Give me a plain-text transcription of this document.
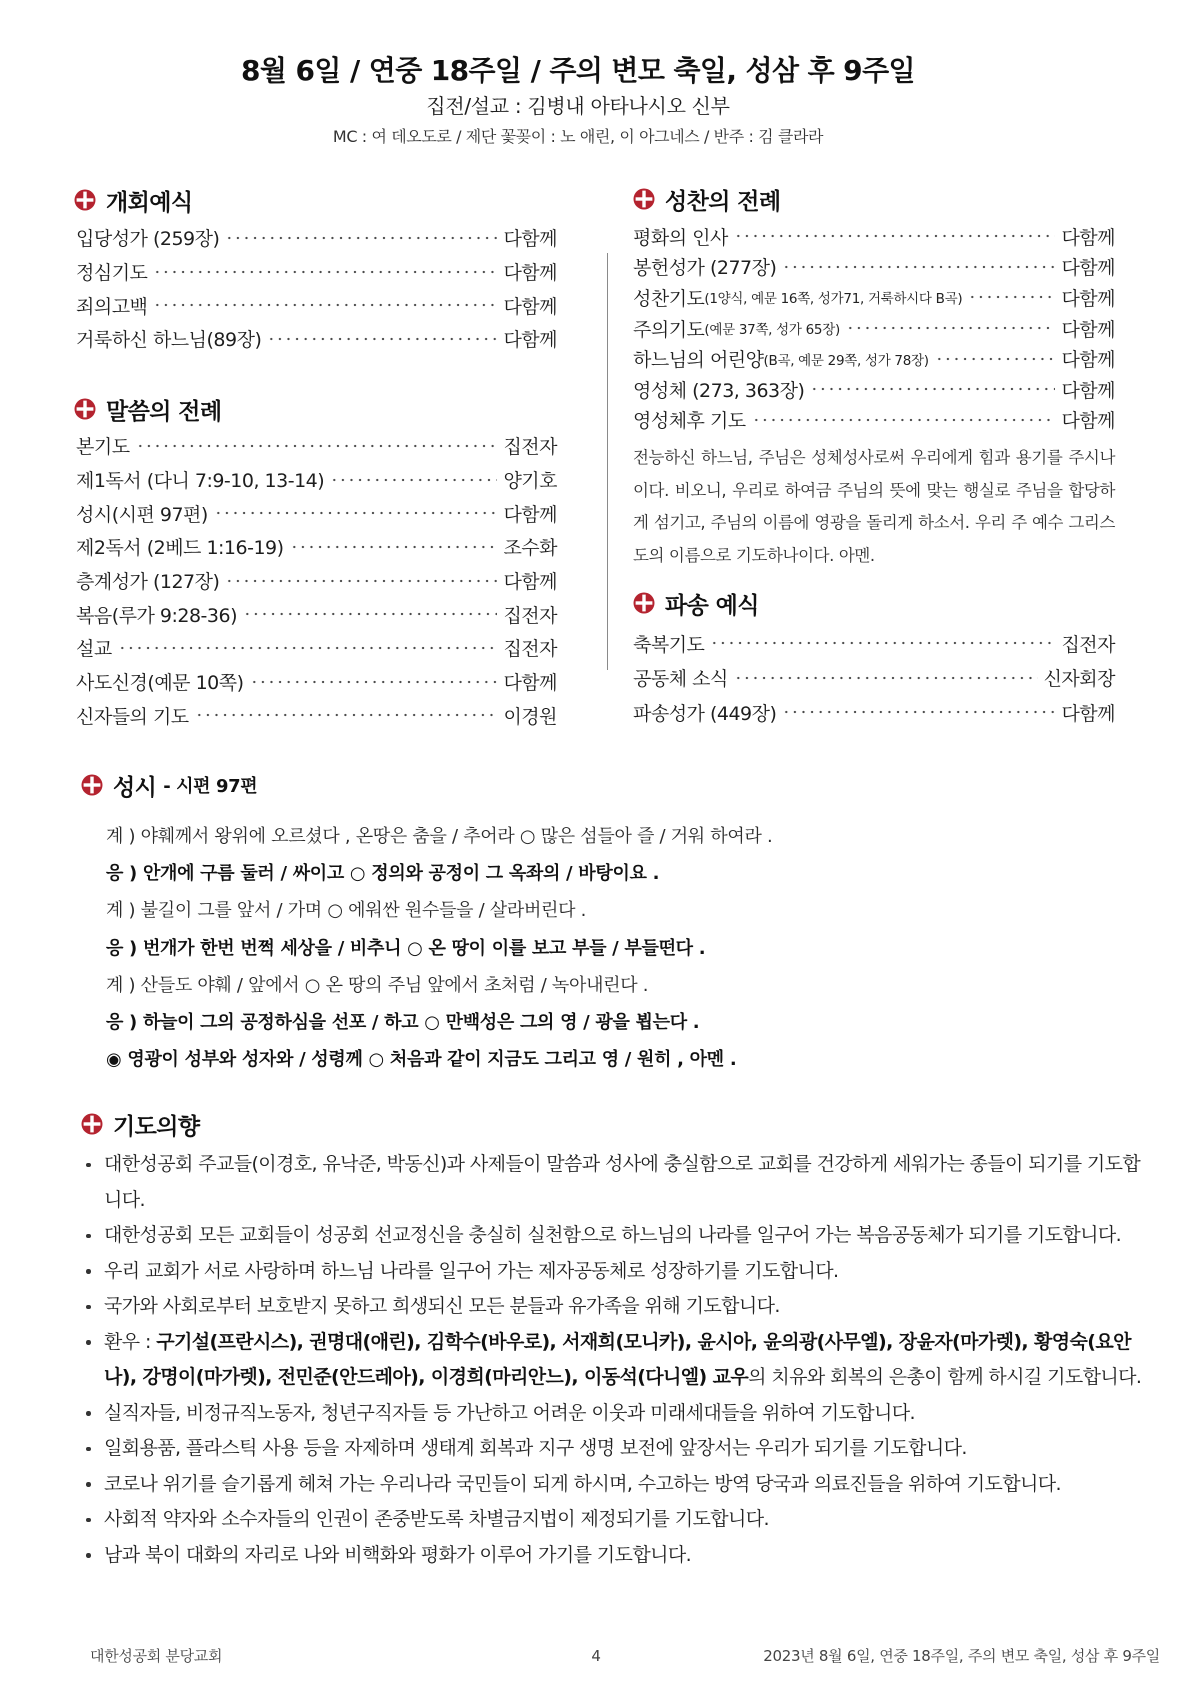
8월 6일 / 연중 18주일 / 주의 변모 축일, 성삼 후 9주일
집전/설교 : 김병내 아타나시오 신부
MC : 여 데오도로 / 제단 꽃꽂이 : 노 애린, 이 아그네스 / 반주 : 김 클라라
개회예식
입당성가 (259장)	다함께
정심기도	다함께
죄의고백	다함께
거룩하신 하느님(89장)	다함께
말씀의 전례
본기도	집전자
제1독서 (다니 7:9-10, 13-14)	양기호
성시(시편 97편)	다함께
제2독서 (2베드 1:16-19)	조수화
층계성가 (127장)	다함께
복음(루가 9:28-36)	집전자
설교	집전자
사도신경(예문 10쪽)	다함께
신자들의 기도	이경원
성찬의 전례
평화의 인사	다함께
봉헌성가 (277장)	다함께
성찬기도 (1양식, 예문 16쪽, 성가71, 거룩하시다 B곡)	다함께
주의기도 (예문 37쪽, 성가 65장)	다함께
하느님의 어린양 (B곡, 예문 29쪽, 성가 78장)	다함께
영성체 (273, 363장)	다함께
영성체후 기도	다함께

전능하신 하느님, 주님은 성체성사로써 우리에게 힘과 용기를 주시나이다. 비오니, 우리로 하여금 주님의 뜻에 맞는 행실로 주님을 합당하게 섬기고, 주님의 이름에 영광을 돌리게 하소서. 우리 주 예수 그리스도의 이름으로 기도하나이다. 아멘.

파송 예식
축복기도	집전자
공동체 소식	신자회장
파송성가 (449장)	다함께
성시 - 시편 97편
계 ) 야훼께서 왕위에 오르셨다 , 온땅은 춤을 / 추어라 ○ 많은 섬들아 즐 / 거워 하여라 .
응 ) 안개에 구름 둘러 / 싸이고 ○ 정의와 공정이 그 옥좌의 / 바탕이요 .
계 ) 불길이 그를 앞서 / 가며 ○ 에워싼 원수들을 / 살라버린다 .
응 ) 번개가 한번 번쩍 세상을 / 비추니 ○ 온 땅이 이를 보고 부들 / 부들떤다 .
계 ) 산들도 야훼 / 앞에서 ○ 온 땅의 주님 앞에서 초처럼 / 녹아내린다 .
응 ) 하늘이 그의 공정하심을 선포 / 하고 ○ 만백성은 그의 영 / 광을 뵙는다 .
◉ 영광이 성부와 성자와 / 성령께 ○ 처음과 같이 지금도 그리고 영 / 원히 , 아멘 .
기도의향
대한성공회 주교들(이경호, 유낙준, 박동신)과 사제들이 말씀과 성사에 충실함으로 교회를 건강하게 세워가는 종들이 되기를 기도합니다.
대한성공회 모든 교회들이 성공회 선교정신을 충실히 실천함으로 하느님의 나라를 일구어 가는 복음공동체가 되기를 기도합니다.
우리 교회가 서로 사랑하며 하느님 나라를 일구어 가는 제자공동체로 성장하기를 기도합니다.
국가와 사회로부터 보호받지 못하고 희생되신 모든 분들과 유가족을 위해 기도합니다.
환우 : 구기설(프란시스), 권명대(애린), 김학수(바우로), 서재희(모니카), 윤시아, 윤의광(사무엘), 장윤자(마가렛), 황영숙(요안나), 강명이(마가렛), 전민준(안드레아), 이경희(마리안느), 이동석(다니엘) 교우의 치유와 회복의 은총이 함께 하시길 기도합니다.
실직자들, 비정규직노동자, 청년구직자들 등 가난하고 어려운 이웃과 미래세대들을 위하여 기도합니다.
일회용품, 플라스틱 사용 등을 자제하며 생태계 회복과 지구 생명 보전에 앞장서는 우리가 되기를 기도합니다.
코로나 위기를 슬기롭게 헤쳐 가는 우리나라 국민들이 되게 하시며, 수고하는 방역 당국과 의료진들을 위하여 기도합니다.
사회적 약자와 소수자들의 인권이 존중받도록 차별금지법이 제정되기를 기도합니다.
남과 북이 대화의 자리로 나와 비핵화와 평화가 이루어 가기를 기도합니다.
대한성공회 분당교회	4	2023년 8월 6일, 연중 18주일, 주의 변모 축일, 성삼 후 9주일
